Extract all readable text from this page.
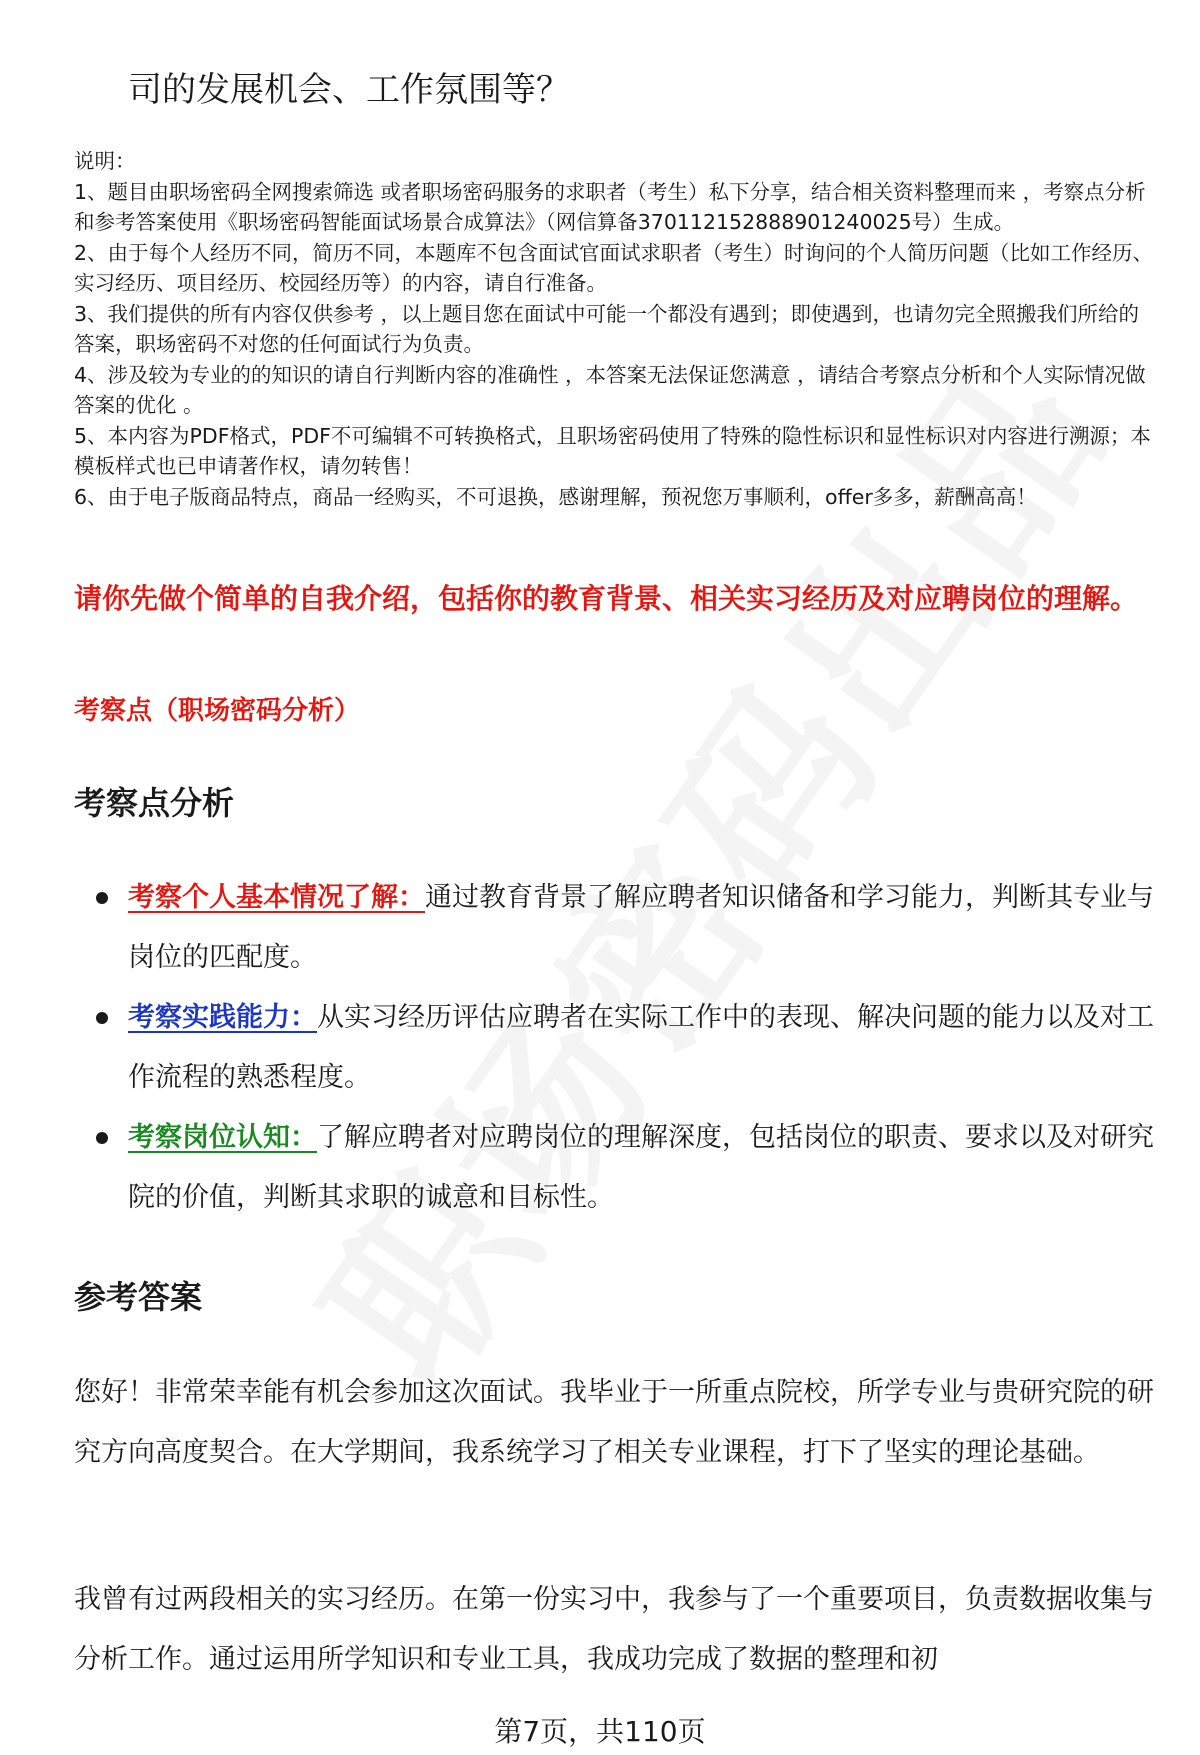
司的发展机会、工作氛围等？

说明：

1、题目由职场密码全网搜索筛选 或者职场密码服务的求职者（考生）私下分享，结合相关资料整理而来 ，考察点分析和参考答案使用《职场密码智能面试场景合成算法》（网信算备370112152888901240025号）生成。

2、由于每个人经历不同，简历不同，本题库不包含面试官面试求职者（考生）时询问的个人简历问题（比如工作经历、实习经历、项目经历、校园经历等）的内容，请自行准备。

3、我们提供的所有内容仅供参考 ，以上题目您在面试中可能一个都没有遇到；即使遇到，也请勿完全照搬我们所给的答案，职场密码不对您的任何面试行为负责。

4、涉及较为专业的的知识的请自行判断内容的准确性 ，本答案无法保证您满意 ，请结合考察点分析和个人实际情况做答案的优化 。

5、本内容为PDF格式，PDF不可编辑不可转换格式，且职场密码使用了特殊的隐性标识和显性标识对内容进行溯源；本模板样式也已申请著作权，请勿转售！

6、由于电子版商品特点，商品一经购买，不可退换，感谢理解，预祝您万事顺利，offer多多，薪酬高高！

请你先做个简单的自我介绍，包括你的教育背景、相关实习经历及对应聘岗位的理解。

考察点（职场密码分析）

考察点分析
考察个人基本情况了解：通过教育背景了解应聘者知识储备和学习能力，判断其专业与岗位的匹配度。
考察实践能力：从实习经历评估应聘者在实际工作中的表现、解决问题的能力以及对工作流程的熟悉程度。
考察岗位认知：了解应聘者对应聘岗位的理解深度，包括岗位的职责、要求以及对研究院的价值，判断其求职的诚意和目标性。
参考答案

您好！非常荣幸能有机会参加这次面试。我毕业于一所重点院校，所学专业与贵研究院的研究方向高度契合。在大学期间，我系统学习了相关专业课程，打下了坚实的理论基础。

我曾有过两段相关的实习经历。在第一份实习中，我参与了一个重要项目，负责数据收集与分析工作。通过运用所学知识和专业工具，我成功完成了数据的整理和初

第7页，共110页
